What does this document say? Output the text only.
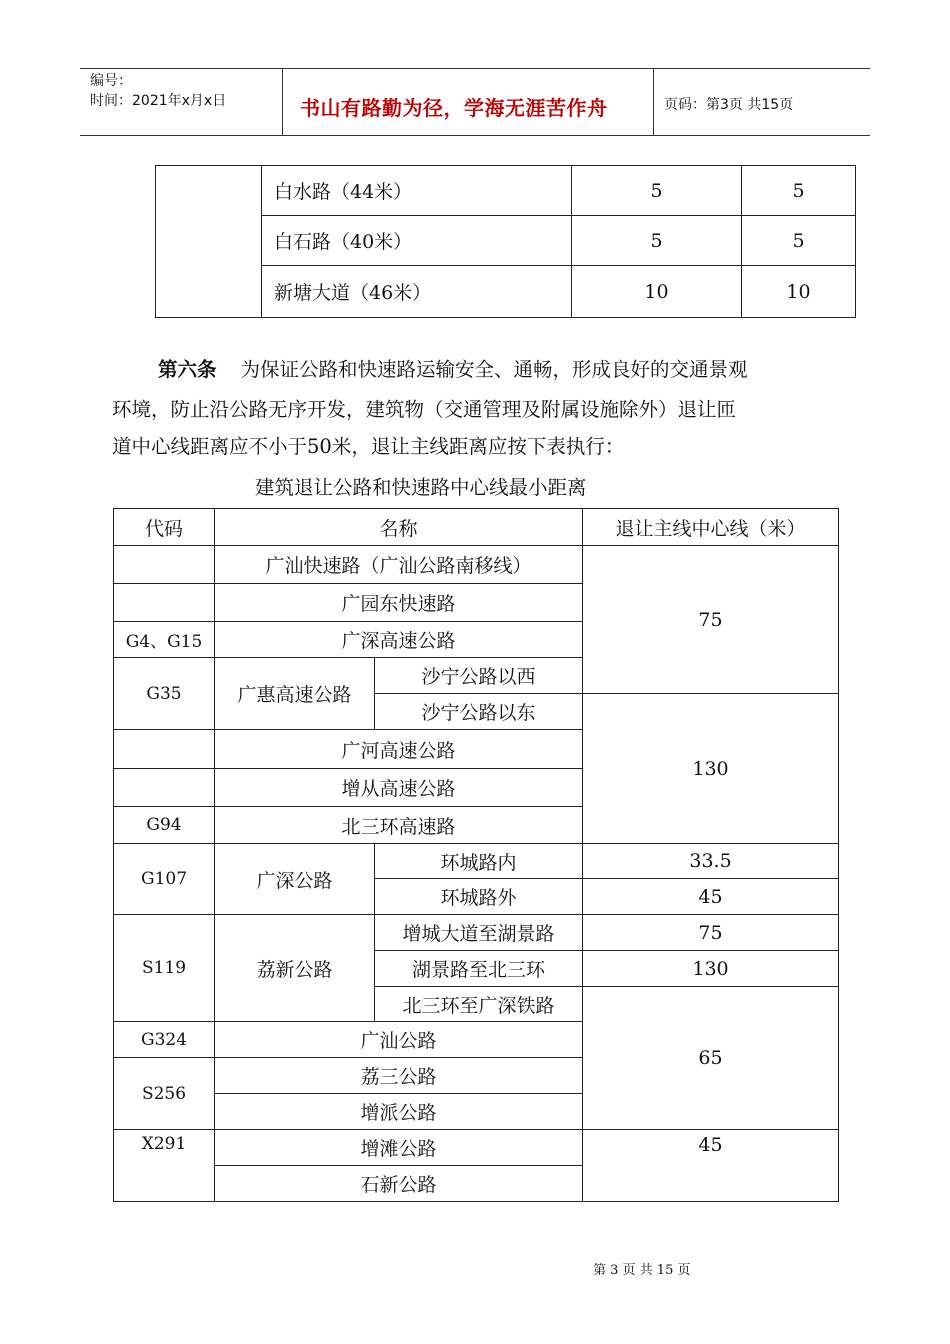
编号：
时间：2021年x月x日	书山有路勤为径，学海无涯苦作舟	页码：第3页 共15页
	白水路（44米）	5	5
	白石路（40米）	5	5
	新塘大道（46米）	10	10
第六条 为保证公路和快速路运输安全、通畅，形成良好的交通景观
环境，防止沿公路无序开发，建筑物（交通管理及附属设施除外）退让匝
道中心线距离应不小于50米，退让主线距离应按下表执行：
建筑退让公路和快速路中心线最小距离
代码	名称		退让主线中心线（米）
	广汕快速路（广汕公路南移线）		75
	广园东快速路		
G4、G15	广深高速公路		
G35	广惠高速公路	沙宁公路以西	
		沙宁公路以东	130
	广河高速公路		
	增从高速公路		
G94	北三环高速路		
G107	广深公路	环城路内	33.5
		环城路外	45
S119	荔新公路	增城大道至湖景路	75
		湖景路至北三环	130
		北三环至广深铁路	65
G324	广汕公路		
S256	荔三公路		
	增派公路		
X291	增滩公路		45
	石新公路		
第 3 页 共 15 页
